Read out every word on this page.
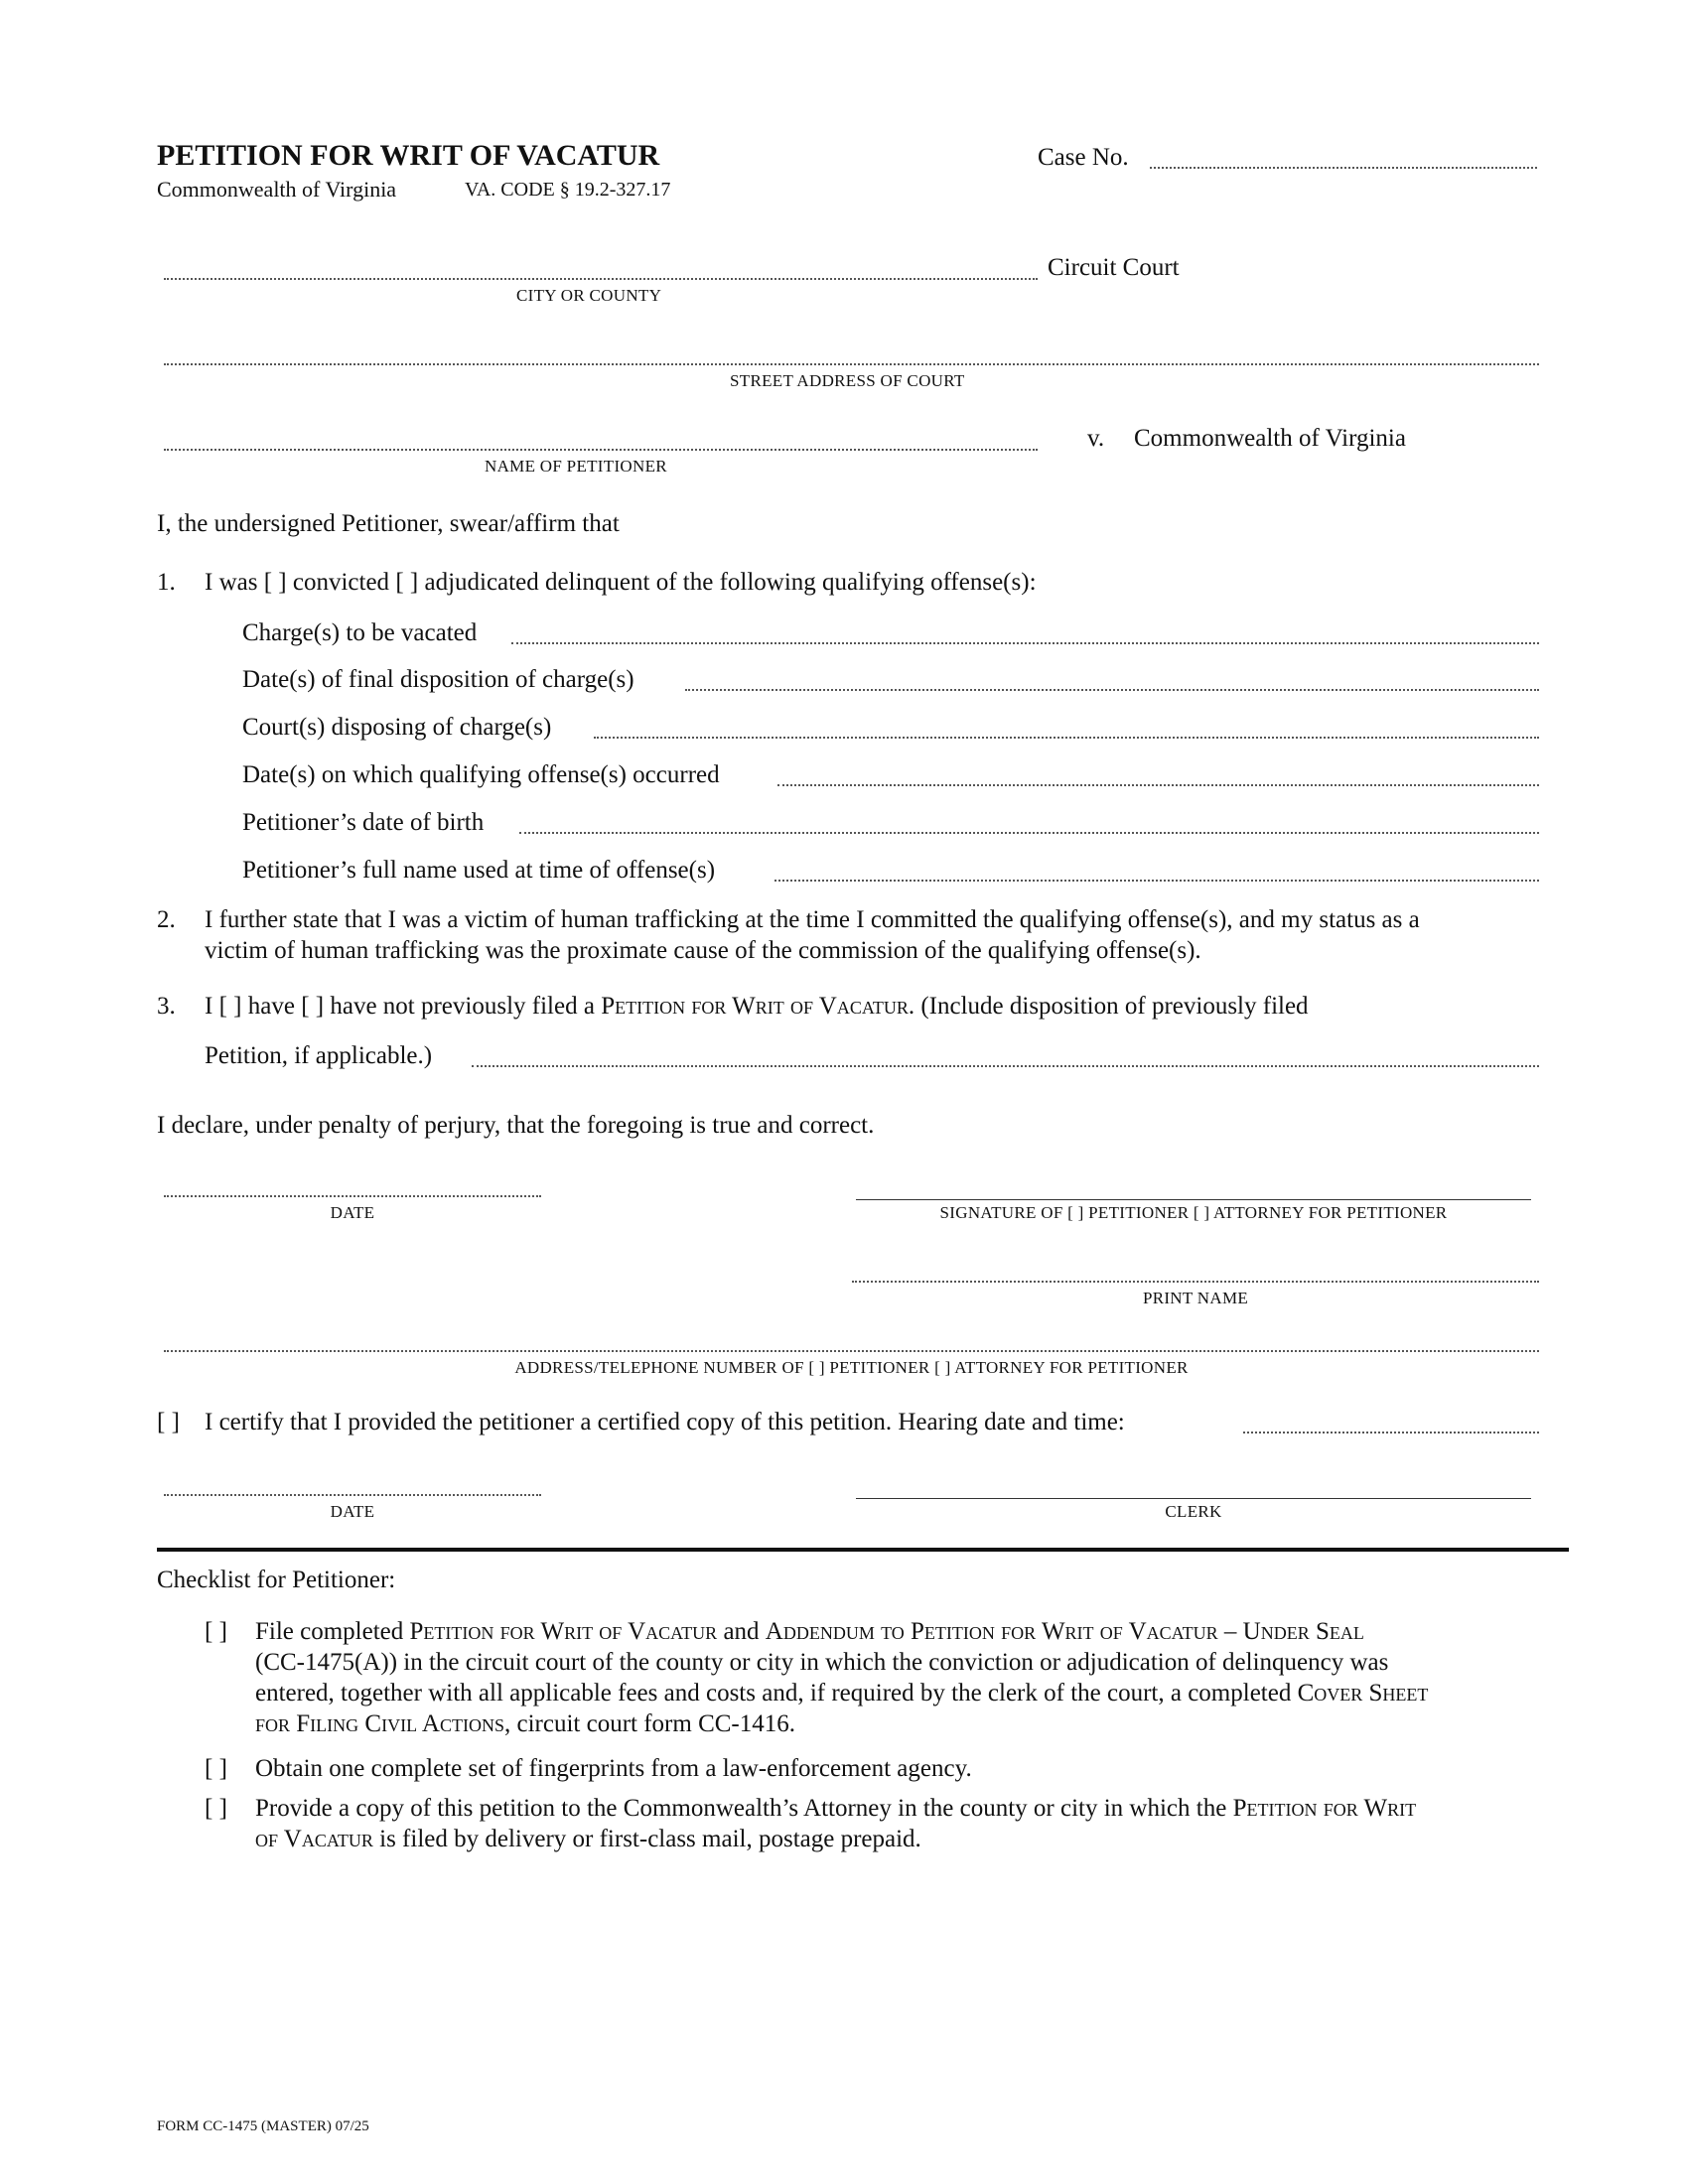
PETITION FOR WRIT OF VACATUR
Commonwealth of Virginia	VA. CODE § 19.2-327.17
Case No.
Circuit Court
CITY OR COUNTY
STREET ADDRESS OF COURT
v. Commonwealth of Virginia
NAME OF PETITIONER
I, the undersigned Petitioner, swear/affirm that
1. I was [ ] convicted [ ] adjudicated delinquent of the following qualifying offense(s):
Charge(s) to be vacated
Date(s) of final disposition of charge(s)
Court(s) disposing of charge(s)
Date(s) on which qualifying offense(s) occurred
Petitioner’s date of birth
Petitioner’s full name used at time of offense(s)
2. I further state that I was a victim of human trafficking at the time I committed the qualifying offense(s), and my status as a
victim of human trafficking was the proximate cause of the commission of the qualifying offense(s).
3. I [ ] have [ ] have not previously filed a Petition for Writ of Vacatur. (Include disposition of previously filed
Petition, if applicable.)
I declare, under penalty of perjury, that the foregoing is true and correct.
DATE	SIGNATURE OF [ ] PETITIONER [ ] ATTORNEY FOR PETITIONER
PRINT NAME
ADDRESS/TELEPHONE NUMBER OF [ ] PETITIONER [ ] ATTORNEY FOR PETITIONER
[ ] I certify that I provided the petitioner a certified copy of this petition. Hearing date and time:
DATE	CLERK
Checklist for Petitioner:
[ ] File completed Petition for Writ of Vacatur and Addendum to Petition for Writ of Vacatur – Under Seal
(CC-1475(A)) in the circuit court of the county or city in which the conviction or adjudication of delinquency was
entered, together with all applicable fees and costs and, if required by the clerk of the court, a completed Cover Sheet
for Filing Civil Actions, circuit court form CC-1416.
[ ] Obtain one complete set of fingerprints from a law-enforcement agency.
[ ] Provide a copy of this petition to the Commonwealth’s Attorney in the county or city in which the Petition for Writ
of Vacatur is filed by delivery or first-class mail, postage prepaid.
FORM CC-1475 (MASTER) 07/25
